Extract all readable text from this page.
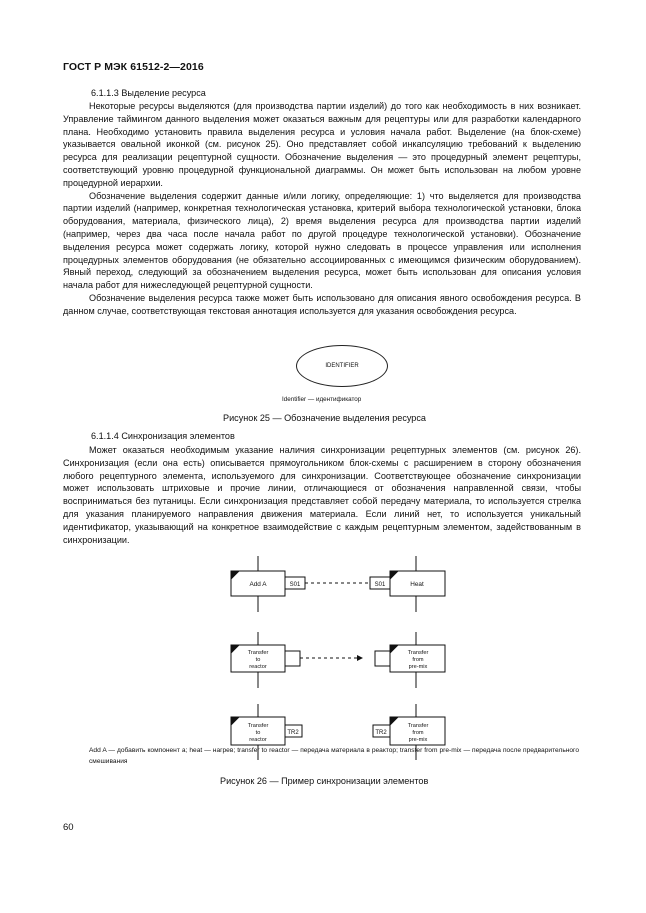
ГОСТ Р МЭК 61512-2—2016
6.1.1.3 Выделение ресурса

Некоторые ресурсы выделяются (для производства партии изделий) до того как необходимость в них возникает. Управление таймингом данного выделения может оказаться важным для рецептуры или для разработки календарного плана. Необходимо установить правила выделения ресурса и условия начала работ. Выделение (на блок-схеме) указывается овальной иконкой (см. рисунок 25). Оно представляет собой инкапсуляцию требований к выделению ресурса для реализации рецептурной сущности. Обозначение выделения — это процедурный элемент рецептуры, соответствующий уровню процедурной функциональной диаграммы. Он может быть использован на любом уровне процедурной иерархии.

Обозначение выделения содержит данные и/или логику, определяющие: 1) что выделяется для производства партии изделий (например, конкретная технологическая установка, критерий выбора технологической установки, блока оборудования, материала, физического лица), 2) время выделения ресурса для производства партии изделий (например, через два часа после начала работ по другой процедуре технологической установки). Обозначение выделения ресурса может содержать логику, которой нужно следовать в процессе управления или исполнения процедурных элементов оборудования (не обязательно ассоциированных с имеющимся физическим оборудованием). Явный переход, следующий за обозначением выделения ресурса, может быть использован для описания условия начала работ для нижеследующей рецептурной сущности.

Обозначение выделения ресурса также может быть использовано для описания явного освобождения ресурса. В данном случае, соответствующая текстовая аннотация используется для указания освобождения ресурса.

IDENTIFIER
Identifier — идентификатор
Рисунок 25 — Обозначение выделения ресурса
6.1.1.4 Синхронизация элементов

Может оказаться необходимым указание наличия синхронизации рецептурных элементов (см. рисунок 26). Синхронизация (если она есть) описывается прямоугольником блок-схемы с расширением в сторону обозначения любого рецептурного элемента, используемого для синхронизации. Соответствующее обозначение синхронизации может использовать штриховые и прочие линии, отличающиеся от обозначения направленной связи, чтобы восприниматься без путаницы. Если синхронизация представляет собой передачу материала, то используется стрелка для указания планируемого направления движения материала. Если линий нет, то используется уникальный идентификатор, указывающий на конкретное взаимодействие с каждым рецептурным элементом, задействованным в синхронизации.

Add A	S01	S01	Heat
Transfer
to
reactor
Transfer
from
pre-mix
Transfer
to
reactor
TR2	TR2
Transfer
from
pre-mix
Add A — добавить компонент а; heat — нагрев; transfer to reactor — передача материала в реактор; transfer from pre-mix — передача после предварительного смешивания
Рисунок 26 — Пример синхронизации элементов
60
